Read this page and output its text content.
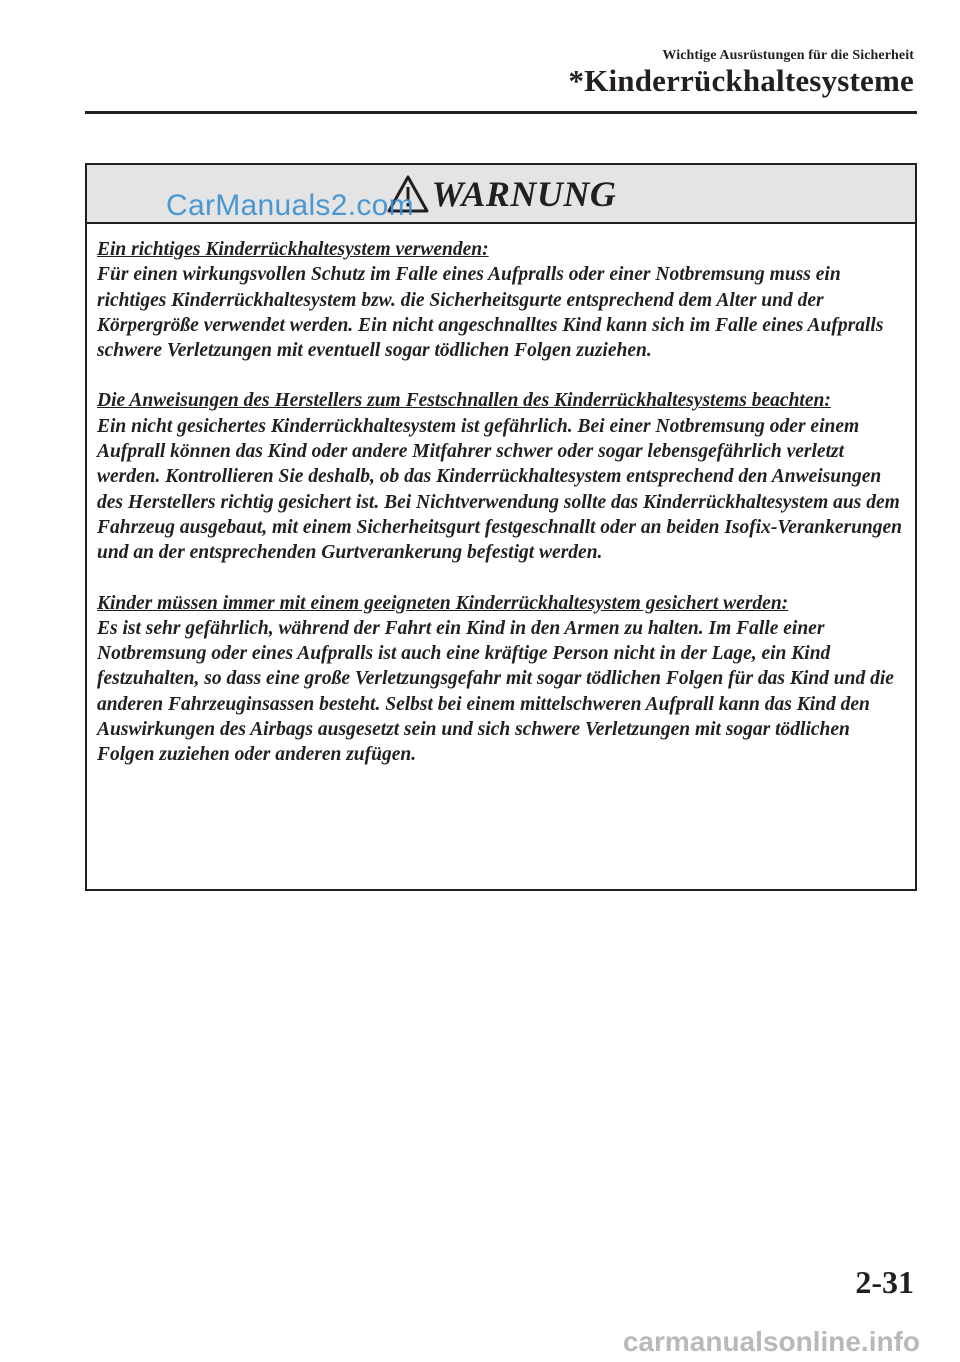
Wichtige Ausrüstungen für die Sicherheit
*Kinderrückhaltesysteme
WARNUNG
CarManuals2.com
Ein richtiges Kinderrückhaltesystem verwenden:
Für einen wirkungsvollen Schutz im Falle eines Aufpralls oder einer Notbremsung muss ein richtiges Kinderrückhaltesystem bzw. die Sicherheitsgurte entsprechend dem Alter und der Körpergröße verwendet werden. Ein nicht angeschnalltes Kind kann sich im Falle eines Aufpralls schwere Verletzungen mit eventuell sogar tödlichen Folgen zuziehen.
Die Anweisungen des Herstellers zum Festschnallen des Kinderrückhaltesystems beachten:
Ein nicht gesichertes Kinderrückhaltesystem ist gefährlich. Bei einer Notbremsung oder einem Aufprall können das Kind oder andere Mitfahrer schwer oder sogar lebensgefährlich verletzt werden. Kontrollieren Sie deshalb, ob das Kinderrückhaltesystem entsprechend den Anweisungen des Herstellers richtig gesichert ist. Bei Nichtverwendung sollte das Kinderrückhaltesystem aus dem Fahrzeug ausgebaut, mit einem Sicherheitsgurt festgeschnallt oder an beiden Isofix-Verankerungen und an der entsprechenden Gurtverankerung befestigt werden.
Kinder müssen immer mit einem geeigneten Kinderrückhaltesystem gesichert werden:
Es ist sehr gefährlich, während der Fahrt ein Kind in den Armen zu halten. Im Falle einer Notbremsung oder eines Aufpralls ist auch eine kräftige Person nicht in der Lage, ein Kind festzuhalten, so dass eine große Verletzungsgefahr mit sogar tödlichen Folgen für das Kind und die anderen Fahrzeuginsassen besteht. Selbst bei einem mittelschweren Aufprall kann das Kind den Auswirkungen des Airbags ausgesetzt sein und sich schwere Verletzungen mit sogar tödlichen Folgen zuziehen oder anderen zufügen.
2-31
carmanualsonline.info
